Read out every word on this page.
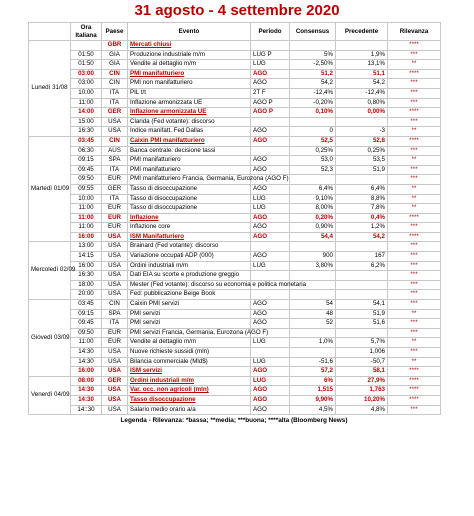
31 agosto - 4 settembre 2020
	Ora Italiana	Paese	Evento	Periodo	Consensus	Precedente	Rilevanza
Lunedì 31/08		GBR	Mercati chiusi				****
	01:50	GIA	Produzione industriale m/m	LUG P	5%	1,9%	***
	01:50	GIA	Vendite al dettaglio m/m	LUG	-2,50%	13,1%	**
	03:00	CIN	PMI manifatturiero	AGO	51,2	51,1	****
	03:00	CIN	PMI non manifatturiero	AGO	54,2	54,2	***
	10:00	ITA	PIL t/t	2T F	-12,4%	-12,4%	***
	11:00	ITA	Inflazione armonizzata UE	AGO P	-0,20%	0,80%	***
	14:00	GER	Inflazione armonizzata UE	AGO P	0,10%	0,00%	****
	15:00	USA	Clarida (Fed votante): discorso				***
	16:30	USA	Indice manifatt. Fed Dallas	AGO	0	-3	**
Martedì 01/09	03:45	CIN	Caixin PMI manifatturiero	AGO	52,5	52,8	****
	06:30	AUS	Banca centrale: decisione tassi		0,25%	0,25%	***
	09:15	SPA	PMI manifatturiero	AGO	53,0	53,5	**
	09:45	ITA	PMI manifatturiero	AGO	52,3	51,9	***
	09:50	EUR	PMI manifatturiero Francia, Germania, Eurozona (AGO F)				***
	09:55	GER	Tasso di disoccupazione	AGO	6,4%	6,4%	**
	10:00	ITA	Tasso di disoccupazione	LUG	9,10%	8,8%	**
	11:00	EUR	Tasso di disoccupazione	LUG	8,00%	7,8%	**
	11:00	EUR	Inflazione	AGO	0,20%	0,4%	****
	11:00	EUR	Inflazione core	AGO	0,90%	1,2%	***
	16:00	USA	ISM Manifatturiero	AGO	54,4	54,2	****
Mercoledì 02/09	13:00	USA	Brainard (Fed votante): discorso				***
	14:15	USA	Variazione occupati ADP (000)	AGO	900	167	***
	16:00	USA	Ordini industriali m/m	LUG	3,80%	6,2%	***
	16:30	USA	Dati EIA su scorte e produzione greggio				***
	18:00	USA	Mester (Fed votante): discorso su economia e politica monetaria				***
	20:00	USA	Fed: pubblicazione Beige Book				***
Giovedì 03/09	03:45	CIN	Caixin PMI servizi	AGO	54	54,1	***
	09:15	SPA	PMI servizi	AGO	48	51,9	**
	09:45	ITA	PMI servizi	AGO	52	51,6	***
	09:50	EUR	PMI servizi Francia, Germania, Eurozona (AGO F)				***
	11:00	EUR	Vendite al dettaglio m/m	LUG	1,0%	5,7%	**
	14:30	USA	Nuove richieste sussidi (mln)			1,006	***
	14:30	USA	Bilancia commerciale (Mld$)	LUG	-51,6	-50,7	**
	16:00	USA	ISM servizi	AGO	57,2	58,1	****
Venerdì 04/09	08:00	GER	Ordini industriali m/m	LUG	6%	27,9%	****
	14:30	USA	Var. occ. non agricoli (mln)	AGO	1,515	1,763	****
	14:30	USA	Tasso disoccupazione	AGO	9,90%	10,20%	****
	14::30	USA	Salario medio orario a/a	AGO	4,5%	4,8%	***
Legenda - Rilevanza: *bassa; **media; ***buona; ****alta (Bloomberg News)
